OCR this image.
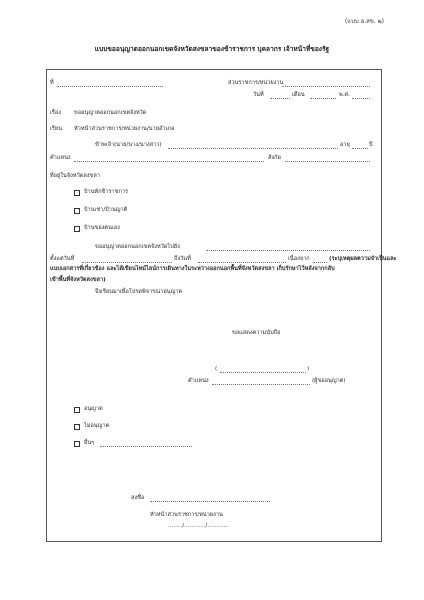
(แบบ อ.สข. ๒)
แบบขออนุญาตออกนอกเขตจังหวัดสงขลาของข้าราชการ บุคลากร เจ้าหน้าที่ของรัฐ
ที่	ส่วนราชการ/หน่วยงาน
วันที่	เดือน	พ.ศ.
เรื่อง ขออนุญาตออกนอกเขตจังหวัด
เรียน หัวหน้าส่วนราชการ/หน่วยงาน/นายอำเภอ
ข้าพเจ้า(นาย/นาง/นางสาว)	อายุ	ปี
ตำแหน่ง	สังกัด
ที่อยู่ในจังหวัดสงขลา
บ้านพักข้าราชการ
บ้านเช่า/บ้านญาติ
บ้านของตนเอง
ขออนุญาตออกนอกเขตจังหวัดไปยัง
ตั้งแต่วันที่	ถึงวันที่	เนื่องจาก	(ระบุเหตุผลความจำเป็นและ
แนบเอกสารที่เกี่ยวข้อง และได้เขียนไทม์ไลน์การเดินทางในระหว่างออกนอกพื้นที่จังหวัดสงขลา เก็บรักษาไว้หลังจากกลับ
เข้าพื้นที่จังหวัดสงขลา)
จึงเรียนมาเพื่อโปรดพิจารณาอนุญาต
ขอแสดงความนับถือ
(	)
ตำแหน่ง	(ผู้ขออนุญาต)
อนุญาต
ไม่อนุญาต
อื่นๆ
ลงชื่อ
หัวหน้าส่วนราชการ/หน่วยงาน
......../............/............
